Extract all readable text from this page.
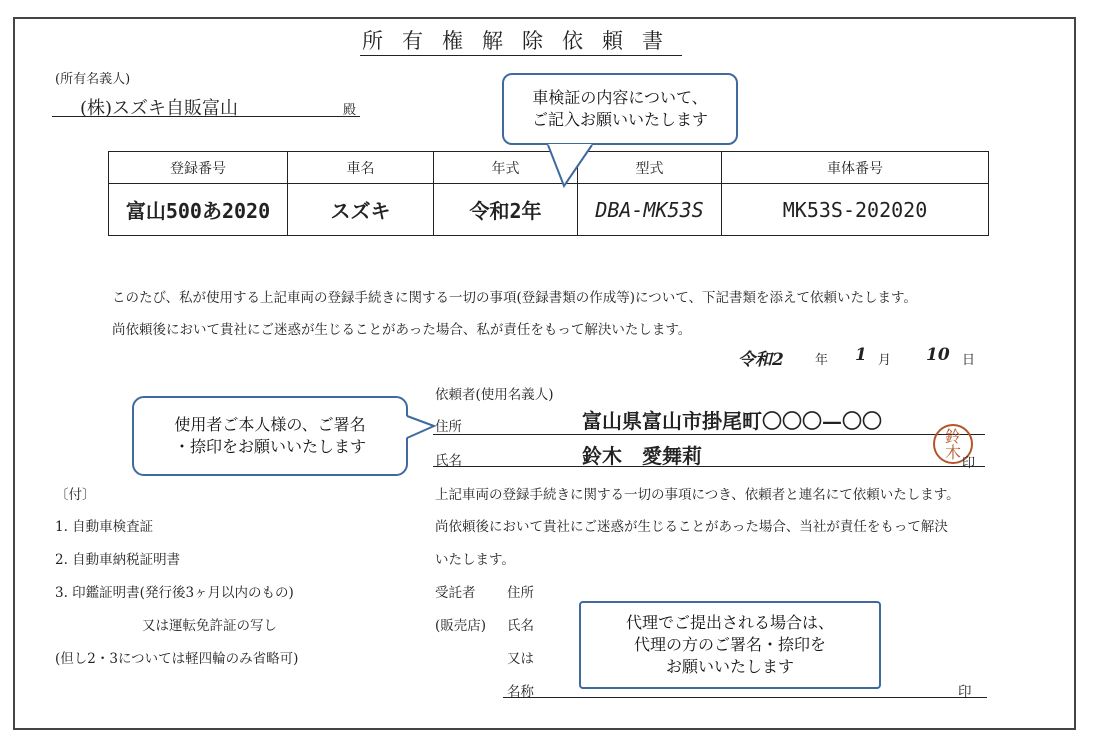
所有権解除依頼書
(所有名義人)
(株)スズキ自販富山	殿
登録番号	車名	年式	型式	車体番号
富山500あ2020	スズキ	令和2年	DBA-MK53S	MK53S-202020
車検証の内容について、
ご記入お願いいたします
このたび、私が使用する上記車両の登録手続きに関する一切の事項(登録書類の作成等)について、下記書類を添えて依頼いたします。
尚依頼後において貴社にご迷惑が生じることがあった場合、私が責任をもって解決いたします。
令和2 年 1 月 10 日
依頼者(使用名義人)
住所	富山県富山市掛尾町〇〇〇—〇〇
氏名	鈴木　愛舞莉
鈴木
印
使用者ご本人様の、ご署名
・捺印をお願いいたします
〔付〕
1. 自動車検査証
2. 自動車納税証明書
3. 印鑑証明書(発行後3ヶ月以内のもの)
又は運転免許証の写し
(但し2・3については軽四輪のみ省略可)
上記車両の登録手続きに関する一切の事項につき、依頼者と連名にて依頼いたします。
尚依頼後において貴社にご迷惑が生じることがあった場合、当社が責任をもって解決
いたします。
受託者 住所
(販売店) 氏名
又は
名称	印
代理でご提出される場合は、
代理の方のご署名・捺印を
お願いいたします
